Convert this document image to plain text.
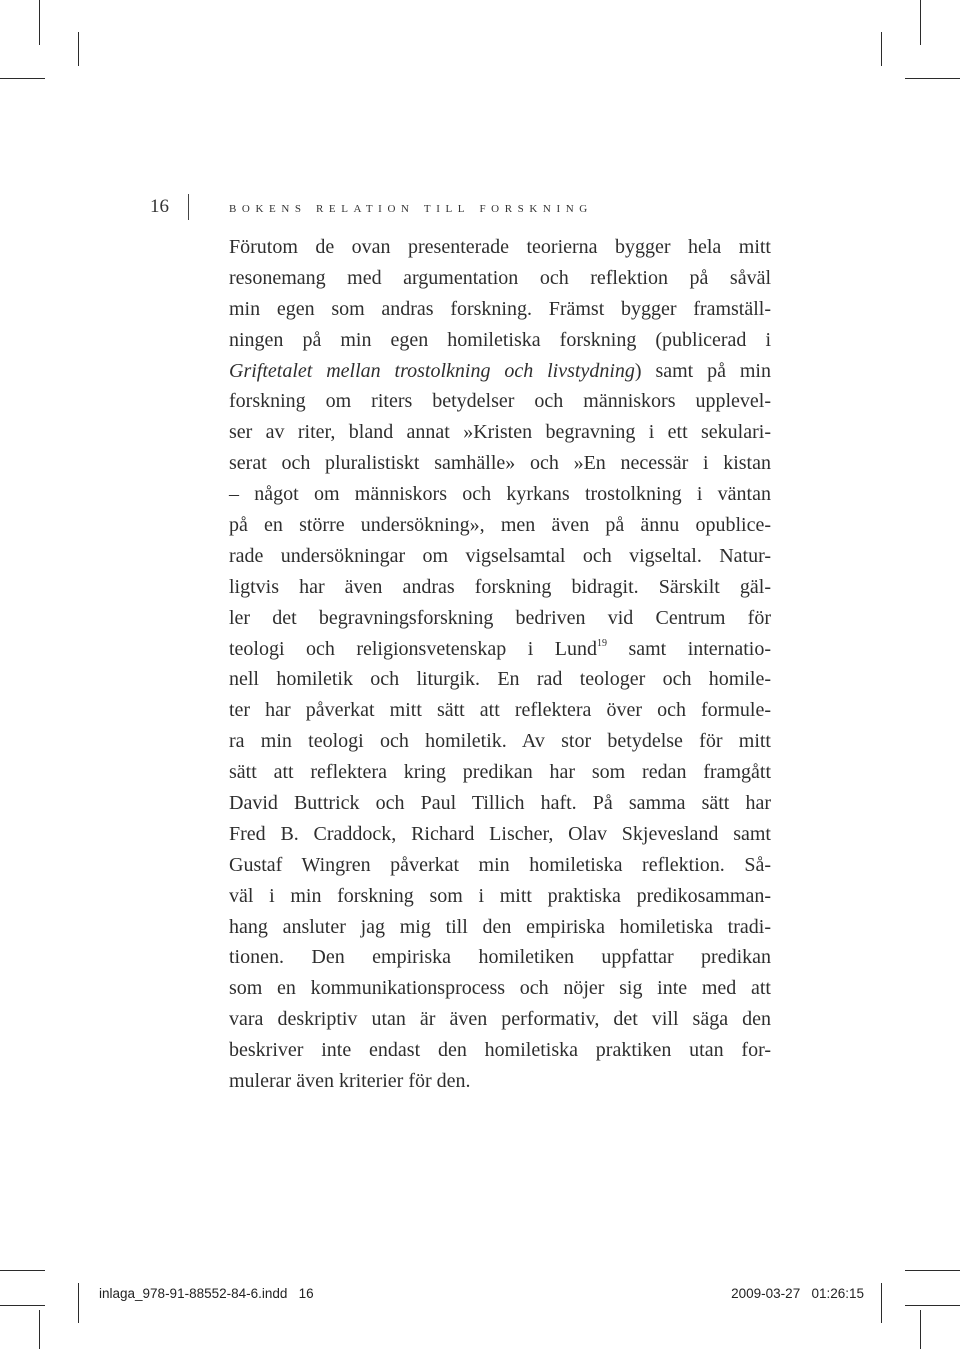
16	bokens relation till forskning
Förutom de ovan presenterade teorierna bygger hela mitt
resonemang med argumentation och reflektion på såväl
min egen som andras forskning. Främst bygger framställ-
ningen på min egen homiletiska forskning (publicerad i
Griftetalet mellan trostolkning och livstydning) samt på min
forskning om riters betydelser och människors upplevel-
ser av riter, bland annat »Kristen begravning i ett sekulari-
serat och pluralistiskt samhälle» och »En necessär i kistan
– något om människors och kyrkans trostolkning i väntan
på en större undersökning», men även på ännu opublice-
rade undersökningar om vigselsamtal och vigseltal. Natur-
ligtvis har även andras forskning bidragit. Särskilt gäl-
ler det begravningsforskning bedriven vid Centrum för
teologi och religionsvetenskap i Lund$^{19}$ samt internatio-
nell homiletik och liturgik. En rad teologer och homile-
ter har påverkat mitt sätt att reflektera över och formule-
ra min teologi och homiletik. Av stor betydelse för mitt
sätt att reflektera kring predikan har som redan framgått
David Buttrick och Paul Tillich haft. På samma sätt har
Fred B. Craddock, Richard Lischer, Olav Skjevesland samt
Gustaf Wingren påverkat min homiletiska reflektion. Så-
väl i min forskning som i mitt praktiska predikosamman-
hang ansluter jag mig till den empiriska homiletiska tradi-
tionen. Den empiriska homiletiken uppfattar predikan
som en kommunikationsprocess och nöjer sig inte med att
vara deskriptiv utan är även performativ, det vill säga den
beskriver inte endast den homiletiska praktiken utan for-
mulerar även kriterier för den.
inlaga_978-91-88552-84-6.indd   16	2009-03-27   01:26:15
